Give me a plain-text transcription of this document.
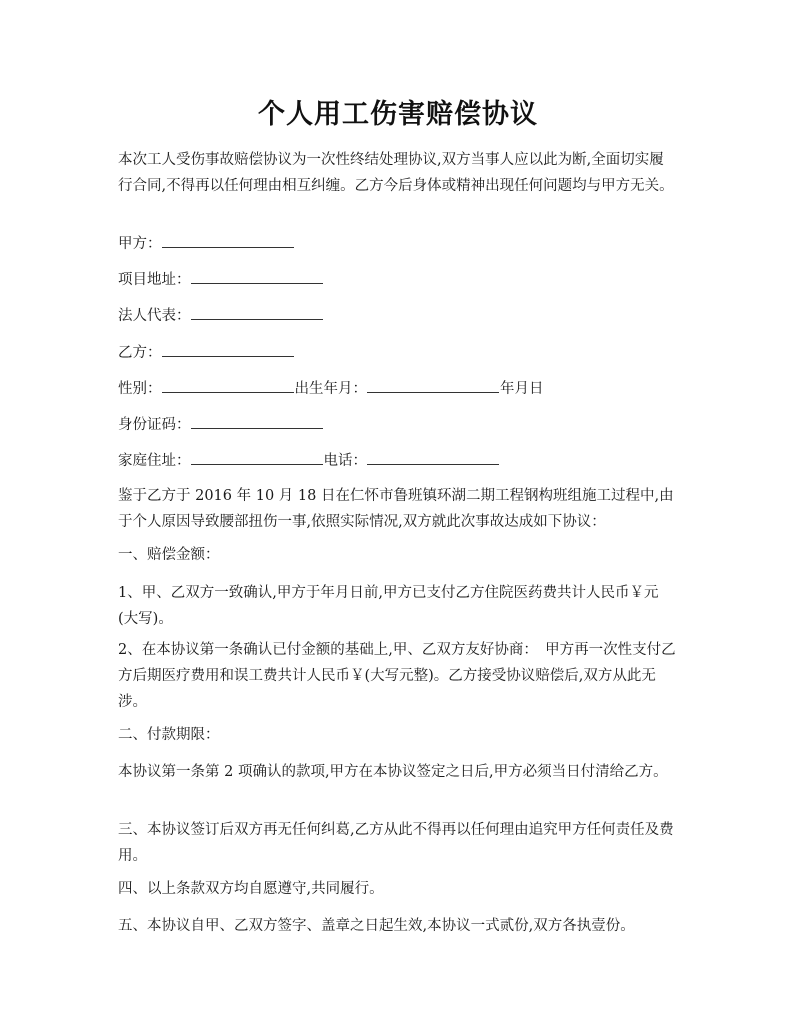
个人用工伤害赔偿协议
本次工人受伤事故赔偿协议为一次性终结处理协议,双方当事人应以此为断,全面切实履行合同,不得再以任何理由相互纠缠。乙方今后身体或精神出现任何问题均与甲方无关。
甲方：
项目地址：
法人代表：
乙方：
性别：	出生年月：	年月日
身份证码：
家庭住址：	电话：
鉴于乙方于 2016 年 10 月 18 日在仁怀市鲁班镇环湖二期工程钢构班组施工过程中,由于个人原因导致腰部扭伤一事,依照实际情况,双方就此次事故达成如下协议：
一、赔偿金额：
1、甲、乙双方一致确认,甲方于年月日前,甲方已支付乙方住院医药费共计人民币￥元(大写)。
2、在本协议第一条确认已付金额的基础上,甲、乙双方友好协商：　甲方再一次性支付乙方后期医疗费用和误工费共计人民币￥(大写元整)。乙方接受协议赔偿后,双方从此无涉。
二、付款期限：
本协议第一条第 2 项确认的款项,甲方在本协议签定之日后,甲方必须当日付清给乙方。
三、本协议签订后双方再无任何纠葛,乙方从此不得再以任何理由追究甲方任何责任及费用。
四、以上条款双方均自愿遵守,共同履行。
五、本协议自甲、乙双方签字、盖章之日起生效,本协议一式贰份,双方各执壹份。
